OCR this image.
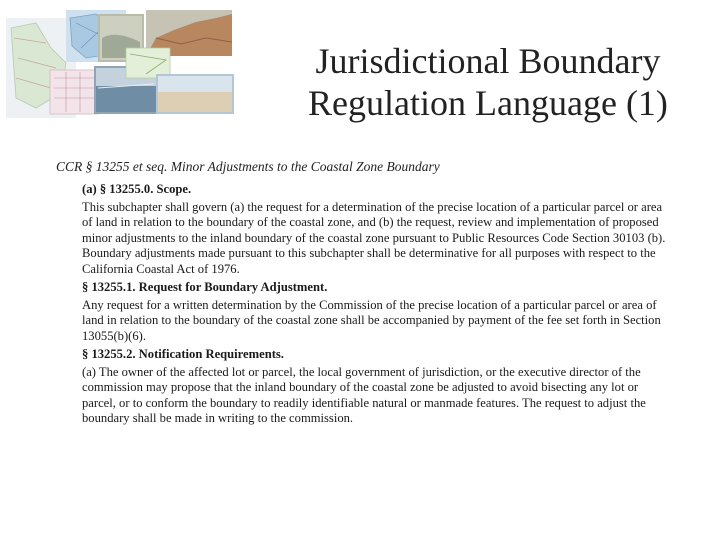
Jurisdictional Boundary
Regulation Language (1)
CCR § 13255 et seq. Minor Adjustments to the Coastal Zone Boundary
(a) § 13255.0. Scope.
This subchapter shall govern (a) the request for a determination of the precise location of a particular parcel or area of land in relation to the boundary of the coastal zone, and (b) the request, review and implementation of proposed minor adjustments to the inland boundary of the coastal zone pursuant to Public Resources Code Section 30103 (b). Boundary adjustments made pursuant to this subchapter shall be determinative for all purposes with respect to the California Coastal Act of 1976.
§ 13255.1. Request for Boundary Adjustment.
Any request for a written determination by the Commission of the precise location of a particular parcel or area of land in relation to the boundary of the coastal zone shall be accompanied by payment of the fee set forth in Section 13055(b)(6).
§ 13255.2. Notification Requirements.
(a) The owner of the affected lot or parcel, the local government of jurisdiction, or the executive director of the commission may propose that the inland boundary of the coastal zone be adjusted to avoid bisecting any lot or parcel, or to conform the boundary to readily identifiable natural or manmade features. The request to adjust the boundary shall be made in writing to the commission.
